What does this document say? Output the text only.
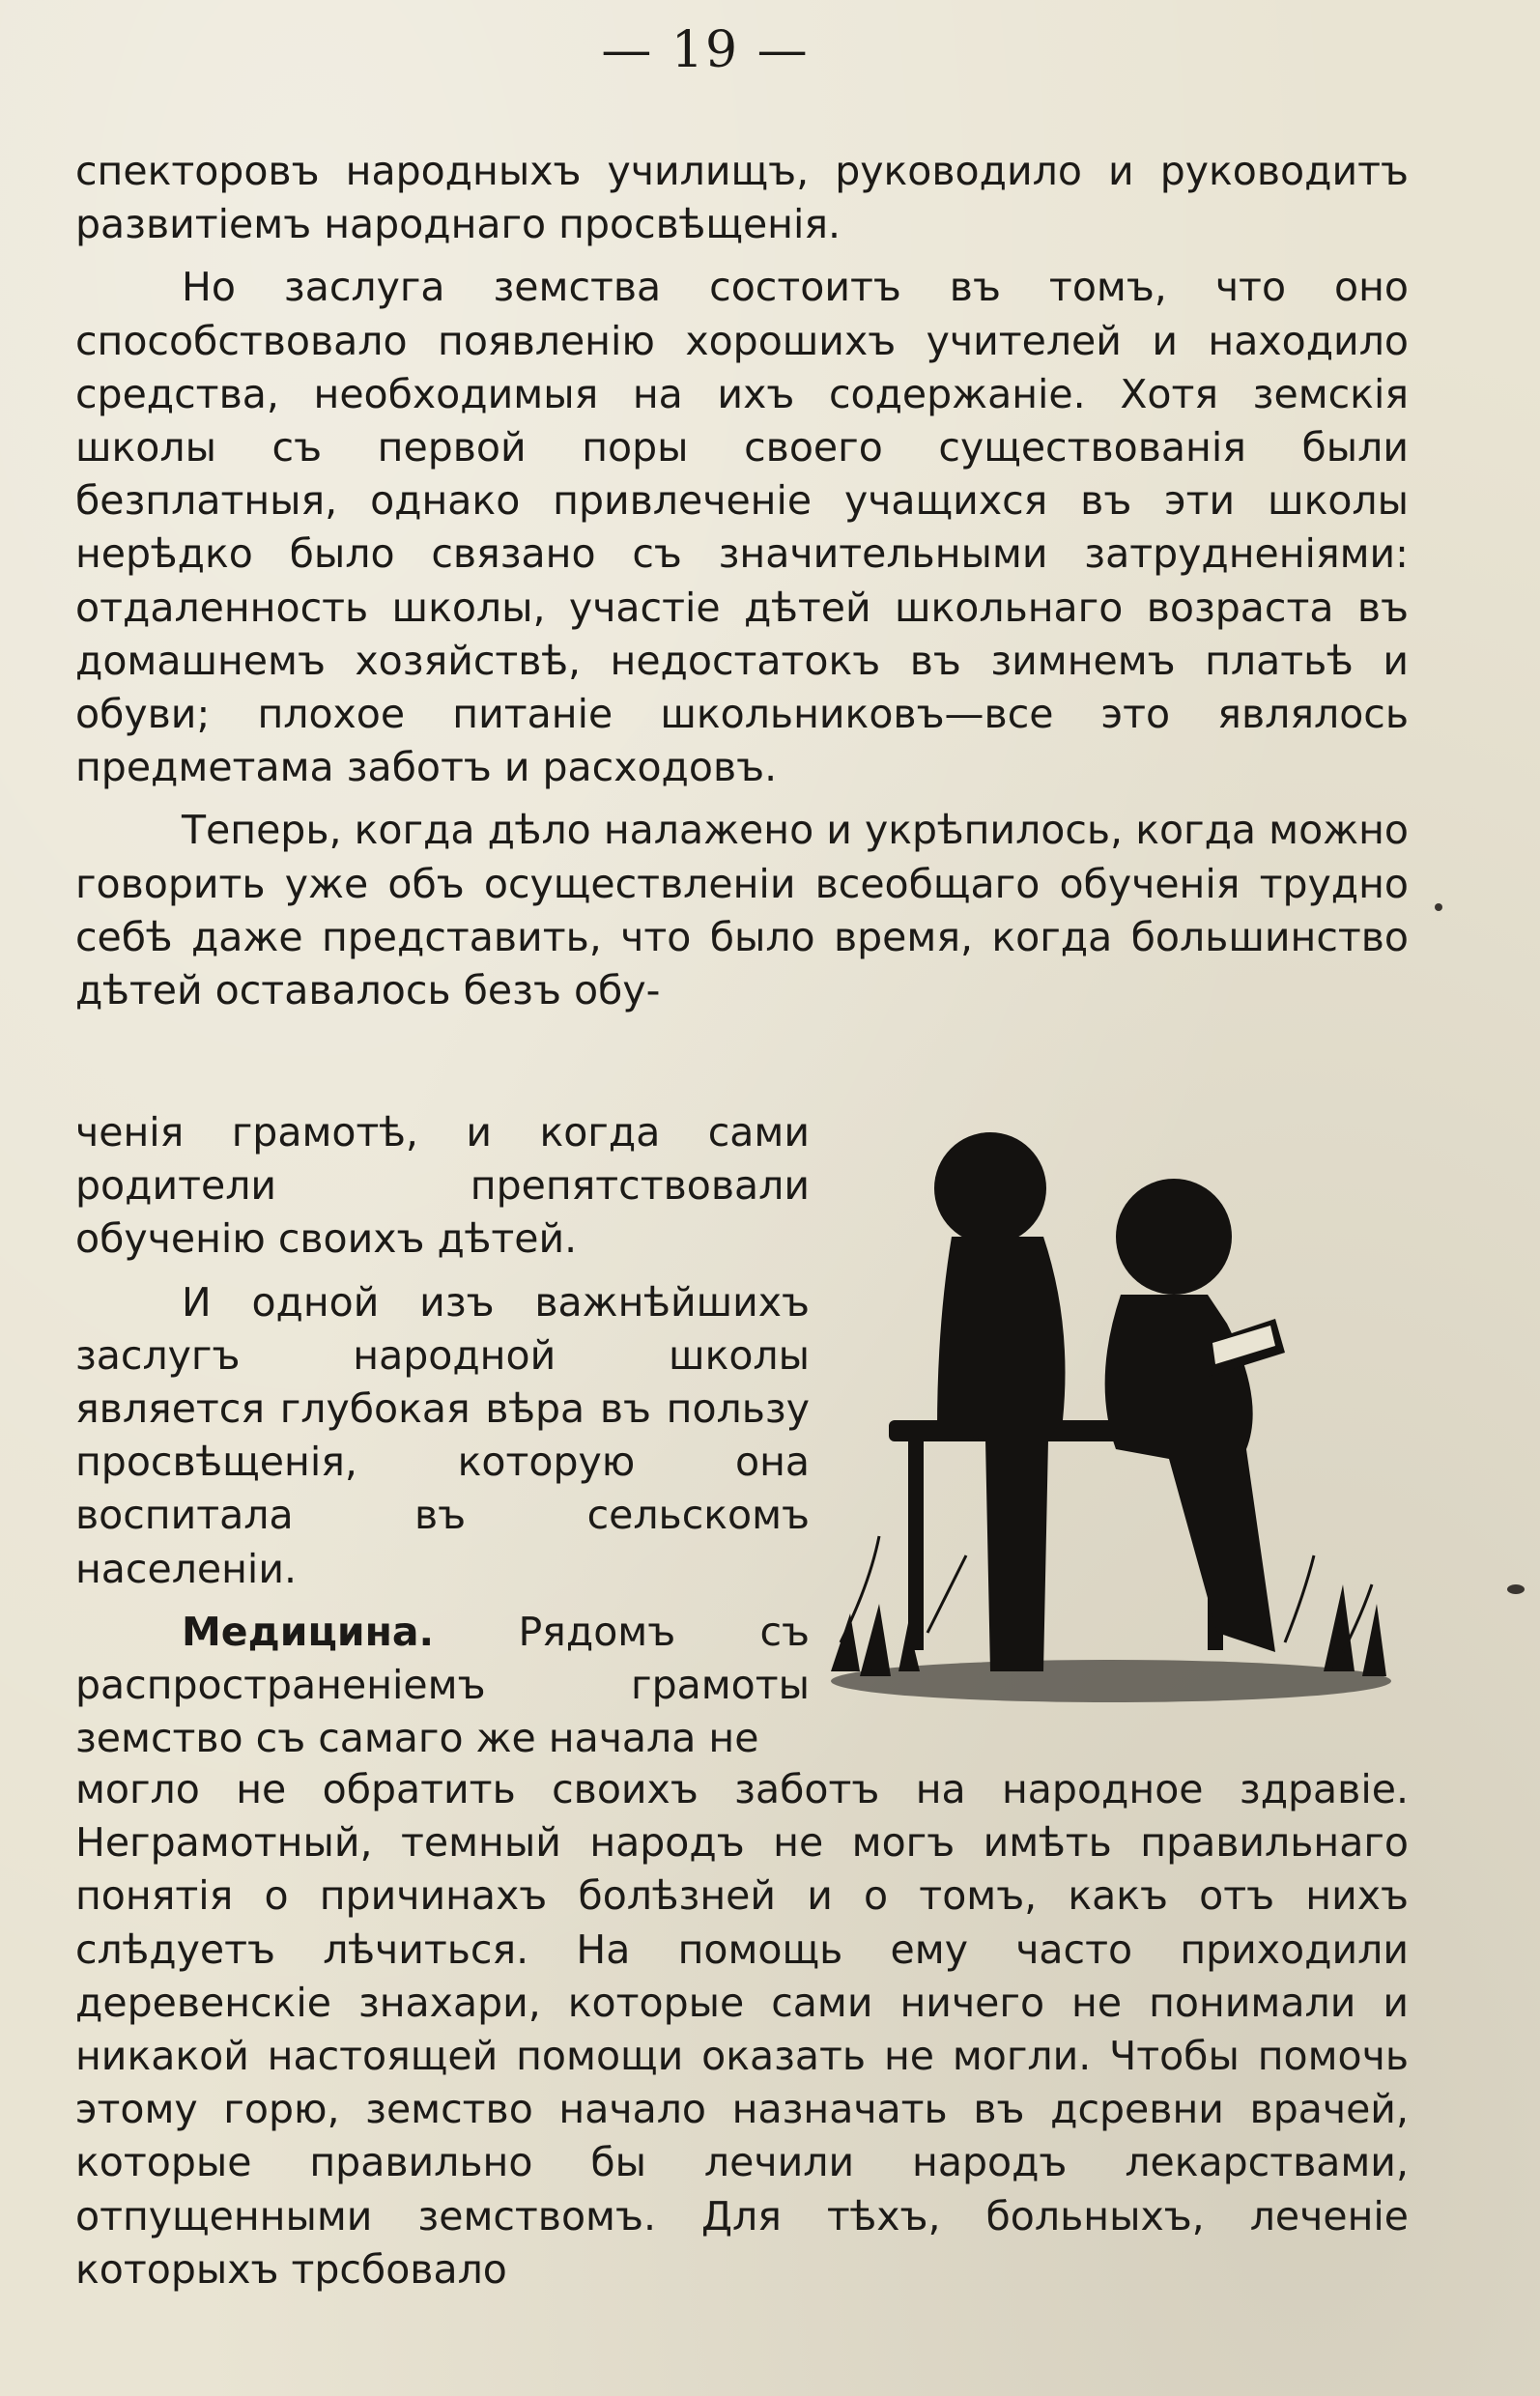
— 19 —

спекторовъ народныхъ училищъ, руководило и руководитъ развитіемъ народнаго просвѣщенія.

Но заслуга земства состоитъ въ томъ, что оно способствовало появленію хорошихъ учителей и находило средства, необходимыя на ихъ содержаніе. Хотя земскія школы съ первой поры своего существованія были безплатныя, однако привлеченіе учащихся въ эти школы нерѣдко было связано съ значительными затрудненіями: отдаленность школы, участіе дѣтей школьнаго возраста въ домашнемъ хозяйствѣ, недостатокъ въ зимнемъ платьѣ и обуви; плохое питаніе школьниковъ—все это являлось предметама заботъ и расходовъ.

Теперь, когда дѣло налажено и укрѣпилось, когда можно говорить уже объ осуществленіи всеобщаго обученія трудно себѣ даже представить, что было время, когда большинство дѣтей оставалось безъ обу-

ченія грамотѣ, и когда сами родители препятствовали обученію своихъ дѣтей.

И одной изъ важнѣйшихъ заслугъ народной школы является глубокая вѣра въ пользу просвѣщенія, которую она воспитала въ сельскомъ населеніи.

Медицина. Рядомъ съ распространеніемъ грамоты земство съ самаго же начала не

могло не обратить своихъ заботъ на народное здравіе. Неграмотный, темный народъ не могъ имѣть правильнаго понятія о причинахъ болѣзней и о томъ, какъ отъ нихъ слѣдуетъ лѣчиться. На помощь ему часто приходили деревенскіе знахари, которые сами ничего не понимали и никакой настоящей помощи оказать не могли. Чтобы помочь этому горю, земство начало назначать въ дсревни врачей, которые правильно бы лечили народъ лекарствами, отпущенными земствомъ. Для тѣхъ, больныхъ, леченіе которыхъ трсбовало
